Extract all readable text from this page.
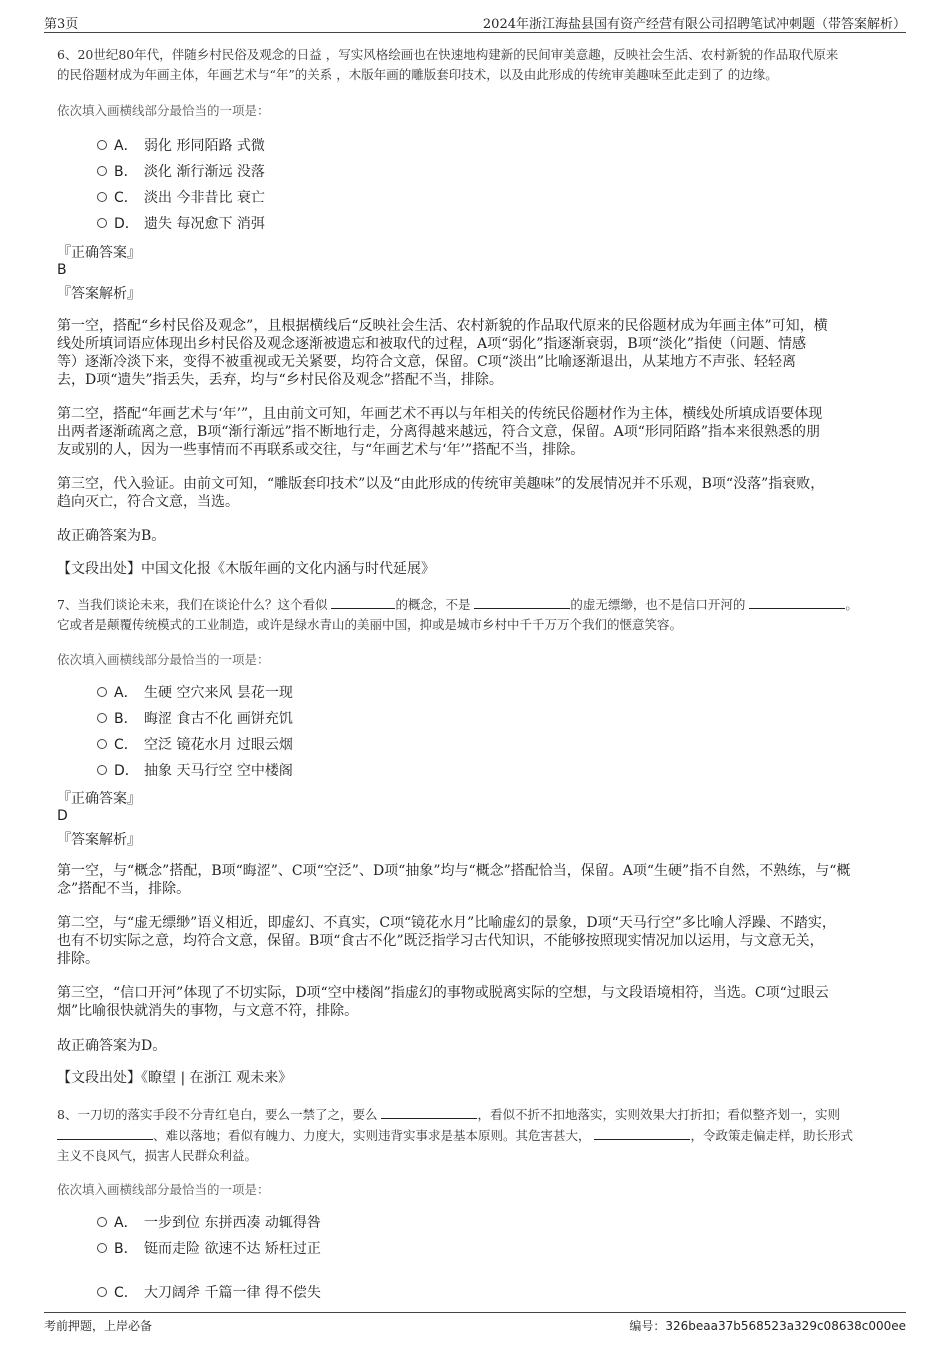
第3页	2024年浙江海盐县国有资产经营有限公司招聘笔试冲刺题（带答案解析）
6、20世纪80年代，伴随乡村民俗及观念的日益 ，写实风格绘画也在快速地构建新的民间审美意趣，反映社会生活、农村新貌的作品取代原来
的民俗题材成为年画主体，年画艺术与“年”的关系 ，木版年画的雕版套印技术，以及由此形成的传统审美趣味至此走到了 的边缘。
依次填入画横线部分最恰当的一项是：
A． 弱化 形同陌路 式微
B． 淡化 渐行渐远 没落
C． 淡出 今非昔比 衰亡
D． 遗失 每况愈下 消弭
『正确答案』
B
『答案解析』
第一空，搭配“乡村民俗及观念”，且根据横线后“反映社会生活、农村新貌的作品取代原来的民俗题材成为年画主体”可知，横
线处所填词语应体现出乡村民俗及观念逐渐被遗忘和被取代的过程，A项“弱化”指逐渐衰弱，B项“淡化”指使（问题、情感
等）逐渐冷淡下来，变得不被重视或无关紧要，均符合文意，保留。C项“淡出”比喻逐渐退出，从某地方不声张、轻轻离
去，D项“遗失”指丢失，丢弃，均与“乡村民俗及观念”搭配不当，排除。
第二空，搭配“年画艺术与‘年’”，且由前文可知，年画艺术不再以与年相关的传统民俗题材作为主体，横线处所填成语要体现
出两者逐渐疏离之意，B项“渐行渐远”指不断地行走，分离得越来越远，符合文意，保留。A项“形同陌路”指本来很熟悉的朋
友或别的人，因为一些事情而不再联系或交往，与“年画艺术与‘年’”搭配不当，排除。
第三空，代入验证。由前文可知，“雕版套印技术”以及“由此形成的传统审美趣味”的发展情况并不乐观，B项“没落”指衰败，
趋向灭亡，符合文意，当选。
故正确答案为B。
【文段出处】中国文化报《木版年画的文化内涵与时代延展》
7、当我们谈论未来，我们在谈论什么？这个看似	的概念，不是	的虚无缥缈，也不是信口开河的	。
它或者是颠覆传统模式的工业制造，或许是绿水青山的美丽中国，抑或是城市乡村中千千万万个我们的惬意笑容。
依次填入画横线部分最恰当的一项是：
A． 生硬 空穴来风 昙花一现
B． 晦涩 食古不化 画饼充饥
C． 空泛 镜花水月 过眼云烟
D． 抽象 天马行空 空中楼阁
『正确答案』
D
『答案解析』
第一空，与“概念”搭配，B项“晦涩”、C项“空泛”、D项“抽象”均与“概念”搭配恰当，保留。A项“生硬”指不自然，不熟练，与“概
念”搭配不当，排除。
第二空，与“虚无缥缈”语义相近，即虚幻、不真实，C项“镜花水月”比喻虚幻的景象，D项“天马行空”多比喻人浮躁、不踏实，
也有不切实际之意，均符合文意，保留。B项“食古不化”既泛指学习古代知识，不能够按照现实情况加以运用，与文意无关，
排除。
第三空，“信口开河”体现了不切实际，D项“空中楼阁”指虚幻的事物或脱离实际的空想，与文段语境相符，当选。C项“过眼云
烟”比喻很快就消失的事物，与文意不符，排除。
故正确答案为D。
【文段出处】《瞭望 | 在浙江 观未来》
8、一刀切的落实手段不分青红皂白，要么一禁了之，要么	，看似不折不扣地落实，实则效果大打折扣；看似整齐划一，实则
、难以落地；看似有魄力、力度大，实则违背实事求是基本原则。其危害甚大，	，令政策走偏走样，助长形式
主义不良风气，损害人民群众利益。
依次填入画横线部分最恰当的一项是：
A． 一步到位 东拼西凑 动辄得咎
B． 铤而走险 欲速不达 矫枉过正
C． 大刀阔斧 千篇一律 得不偿失
考前押题，上岸必备	编号：326beaa37b568523a329c08638c000ee
